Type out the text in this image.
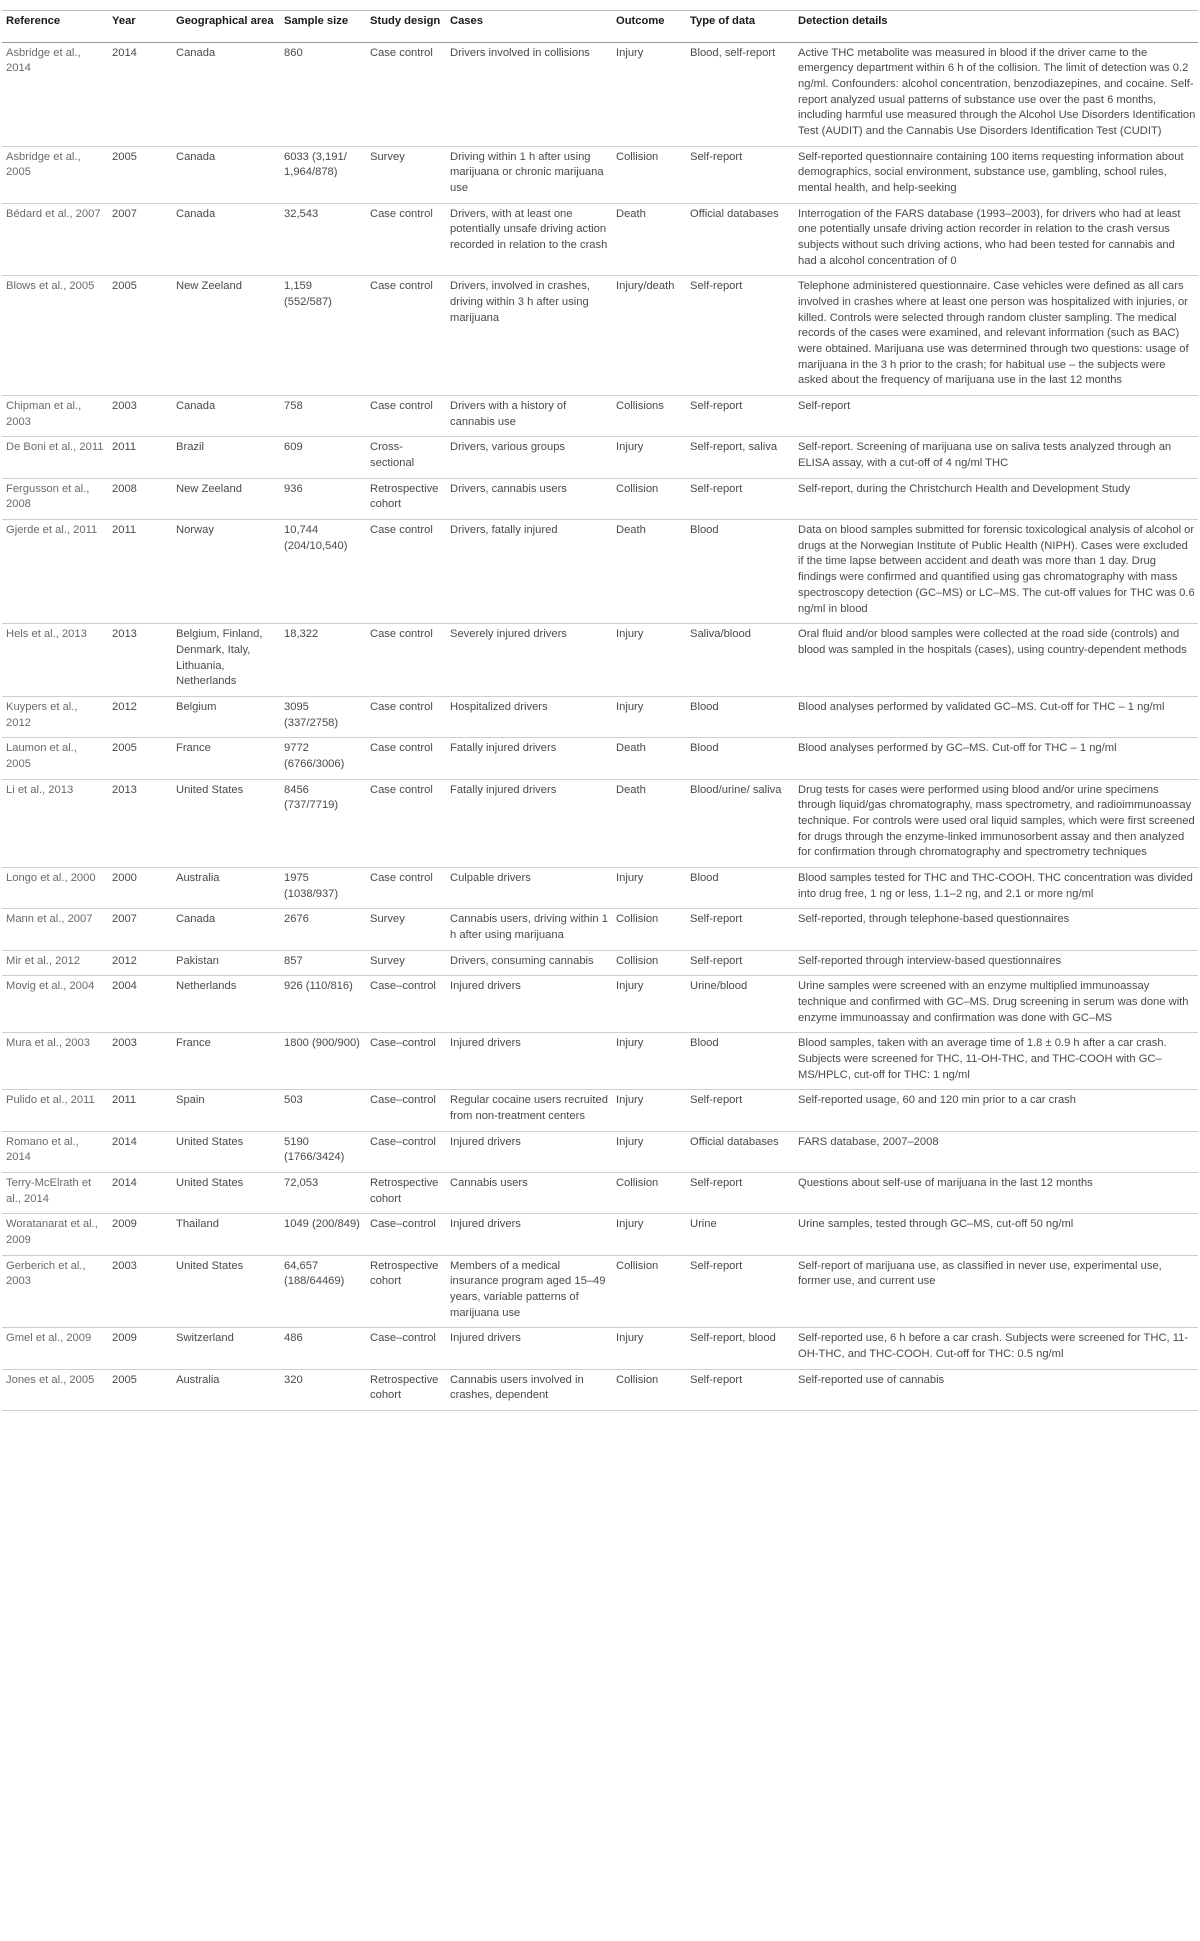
Reference	Year	Geographical area	Sample size	Study design	Cases	Outcome	Type of data	Detection details
Asbridge et al., 2014	2014	Canada	860	Case control	Drivers involved in collisions	Injury	Blood, self-report	Active THC metabolite was measured in blood if the driver came to the emergency department within 6 h of the collision. The limit of detection was 0.2 ng/ml. Confounders: alcohol concentration, benzodiazepines, and cocaine. Self-report analyzed usual patterns of substance use over the past 6 months, including harmful use measured through the Alcohol Use Disorders Identification Test (AUDIT) and the Cannabis Use Disorders Identification Test (CUDIT)
Asbridge et al., 2005	2005	Canada	6033 (3,191/ 1,964/878)	Survey	Driving within 1 h after using marijuana or chronic marijuana use	Collision	Self-report	Self-reported questionnaire containing 100 items requesting information about demographics, social environment, substance use, gambling, school rules, mental health, and help-seeking
Bédard et al., 2007	2007	Canada	32,543	Case control	Drivers, with at least one potentially unsafe driving action recorded in relation to the crash	Death	Official databases	Interrogation of the FARS database (1993–2003), for drivers who had at least one potentially unsafe driving action recorder in relation to the crash versus subjects without such driving actions, who had been tested for cannabis and had a alcohol concentration of 0
Blows et al., 2005	2005	New Zeeland	1,159 (552/587)	Case control	Drivers, involved in crashes, driving within 3 h after using marijuana	Injury/death	Self-report	Telephone administered questionnaire. Case vehicles were defined as all cars involved in crashes where at least one person was hospitalized with injuries, or killed. Controls were selected through random cluster sampling. The medical records of the cases were examined, and relevant information (such as BAC) were obtained. Marijuana use was determined through two questions: usage of marijuana in the 3 h prior to the crash; for habitual use – the subjects were asked about the frequency of marijuana use in the last 12 months
Chipman et al., 2003	2003	Canada	758	Case control	Drivers with a history of cannabis use	Collisions	Self-report	Self-report
De Boni et al., 2011	2011	Brazil	609	Cross-sectional	Drivers, various groups	Injury	Self-report, saliva	Self-report. Screening of marijuana use on saliva tests analyzed through an ELISA assay, with a cut-off of 4 ng/ml THC
Fergusson et al., 2008	2008	New Zeeland	936	Retrospective cohort	Drivers, cannabis users	Collision	Self-report	Self-report, during the Christchurch Health and Development Study
Gjerde et al., 2011	2011	Norway	10,744 (204/10,540)	Case control	Drivers, fatally injured	Death	Blood	Data on blood samples submitted for forensic toxicological analysis of alcohol or drugs at the Norwegian Institute of Public Health (NIPH). Cases were excluded if the time lapse between accident and death was more than 1 day. Drug findings were confirmed and quantified using gas chromatography with mass spectroscopy detection (GC–MS) or LC–MS. The cut-off values for THC was 0.6 ng/ml in blood
Hels et al., 2013	2013	Belgium, Finland, Denmark, Italy, Lithuania, Netherlands	18,322	Case control	Severely injured drivers	Injury	Saliva/blood	Oral fluid and/or blood samples were collected at the road side (controls) and blood was sampled in the hospitals (cases), using country-dependent methods
Kuypers et al., 2012	2012	Belgium	3095 (337/2758)	Case control	Hospitalized drivers	Injury	Blood	Blood analyses performed by validated GC–MS. Cut-off for THC – 1 ng/ml
Laumon et al., 2005	2005	France	9772 (6766/3006)	Case control	Fatally injured drivers	Death	Blood	Blood analyses performed by GC–MS. Cut-off for THC – 1 ng/ml
Li et al., 2013	2013	United States	8456 (737/7719)	Case control	Fatally injured drivers	Death	Blood/urine/ saliva	Drug tests for cases were performed using blood and/or urine specimens through liquid/gas chromatography, mass spectrometry, and radioimmunoassay technique. For controls were used oral liquid samples, which were first screened for drugs through the enzyme-linked immunosorbent assay and then analyzed for confirmation through chromatography and spectrometry techniques
Longo et al., 2000	2000	Australia	1975 (1038/937)	Case control	Culpable drivers	Injury	Blood	Blood samples tested for THC and THC-COOH. THC concentration was divided into drug free, 1 ng or less, 1.1–2 ng, and 2.1 or more ng/ml
Mann et al., 2007	2007	Canada	2676	Survey	Cannabis users, driving within 1 h after using marijuana	Collision	Self-report	Self-reported, through telephone-based questionnaires
Mir et al., 2012	2012	Pakistan	857	Survey	Drivers, consuming cannabis	Collision	Self-report	Self-reported through interview-based questionnaires
Movig et al., 2004	2004	Netherlands	926 (110/816)	Case–control	Injured drivers	Injury	Urine/blood	Urine samples were screened with an enzyme multiplied immunoassay technique and confirmed with GC–MS. Drug screening in serum was done with enzyme immunoassay and confirmation was done with GC–MS
Mura et al., 2003	2003	France	1800 (900/900)	Case–control	Injured drivers	Injury	Blood	Blood samples, taken with an average time of 1.8 ± 0.9 h after a car crash. Subjects were screened for THC, 11-OH-THC, and THC-COOH with GC–MS/HPLC, cut-off for THC: 1 ng/ml
Pulido et al., 2011	2011	Spain	503	Case–control	Regular cocaine users recruited from non-treatment centers	Injury	Self-report	Self-reported usage, 60 and 120 min prior to a car crash
Romano et al., 2014	2014	United States	5190 (1766/3424)	Case–control	Injured drivers	Injury	Official databases	FARS database, 2007–2008
Terry-McElrath et al., 2014	2014	United States	72,053	Retrospective cohort	Cannabis users	Collision	Self-report	Questions about self-use of marijuana in the last 12 months
Woratanarat et al., 2009	2009	Thailand	1049 (200/849)	Case–control	Injured drivers	Injury	Urine	Urine samples, tested through GC–MS, cut-off 50 ng/ml
Gerberich et al., 2003	2003	United States	64,657 (188/64469)	Retrospective cohort	Members of a medical insurance program aged 15–49 years, variable patterns of marijuana use	Collision	Self-report	Self-report of marijuana use, as classified in never use, experimental use, former use, and current use
Gmel et al., 2009	2009	Switzerland	486	Case–control	Injured drivers	Injury	Self-report, blood	Self-reported use, 6 h before a car crash. Subjects were screened for THC, 11-OH-THC, and THC-COOH. Cut-off for THC: 0.5 ng/ml
Jones et al., 2005	2005	Australia	320	Retrospective cohort	Cannabis users involved in crashes, dependent	Collision	Self-report	Self-reported use of cannabis
